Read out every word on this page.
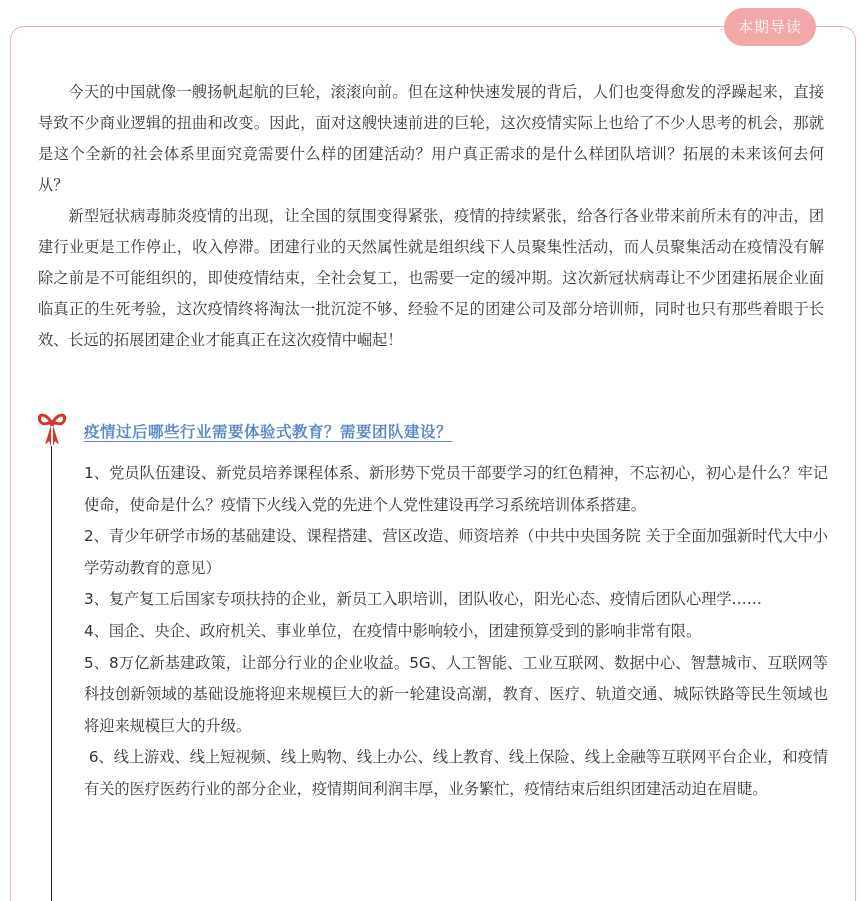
本期导读

今天的中国就像一艘扬帆起航的巨轮，滚滚向前。但在这种快速发展的背后，人们也变得愈发的浮躁起来，直接导致不少商业逻辑的扭曲和改变。因此，面对这艘快速前进的巨轮，这次疫情实际上也给了不少人思考的机会，那就是这个全新的社会体系里面究竟需要什么样的团建活动？用户真正需求的是什么样团队培训？拓展的未来该何去何从？

新型冠状病毒肺炎疫情的出现，让全国的氛围变得紧张，疫情的持续紧张，给各行各业带来前所未有的冲击，团建行业更是工作停止，收入停滞。团建行业的天然属性就是组织线下人员聚集性活动，而人员聚集活动在疫情没有解除之前是不可能组织的，即使疫情结束，全社会复工，也需要一定的缓冲期。这次新冠状病毒让不少团建拓展企业面临真正的生死考验，这次疫情终将淘汰一批沉淀不够、经验不足的团建公司及部分培训师，同时也只有那些着眼于长效、长远的拓展团建企业才能真正在这次疫情中崛起！

疫情过后哪些行业需要体验式教育？需要团队建设？

1、党员队伍建设、新党员培养课程体系、新形势下党员干部要学习的红色精神，不忘初心，初心是什么？牢记使命，使命是什么？疫情下火线入党的先进个人党性建设再学习系统培训体系搭建。

2、青少年研学市场的基础建设、课程搭建、营区改造、师资培养（中共中央国务院 关于全面加强新时代大中小学劳动教育的意见）

3、复产复工后国家专项扶持的企业，新员工入职培训，团队收心，阳光心态、疫情后团队心理学……

4、国企、央企、政府机关、事业单位，在疫情中影响较小，团建预算受到的影响非常有限。

5、8万亿新基建政策，让部分行业的企业收益。5G、人工智能、工业互联网、数据中心、智慧城市、互联网等科技创新领域的基础设施将迎来规模巨大的新一轮建设高潮，教育、医疗、轨道交通、城际铁路等民生领域也将迎来规模巨大的升级。

6、线上游戏、线上短视频、线上购物、线上办公、线上教育、线上保险、线上金融等互联网平台企业，和疫情有关的医疗医药行业的部分企业，疫情期间利润丰厚，业务繁忙，疫情结束后组织团建活动迫在眉睫。
